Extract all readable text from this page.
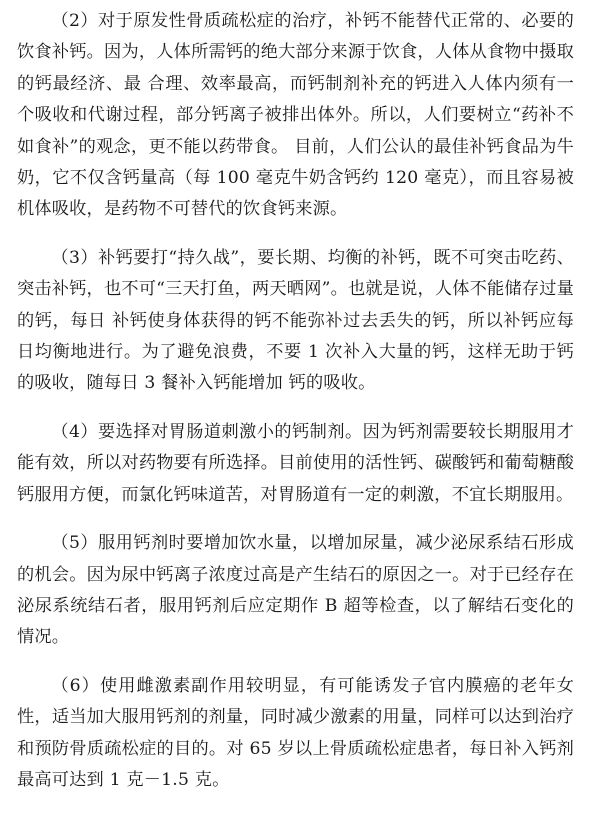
（2）对于原发性骨质疏松症的治疗，补钙不能替代正常的、必要的饮食补钙。因为，人体所需钙的绝大部分来源于饮食，人体从食物中摄取的钙最经济、最 合理、效率最高，而钙制剂补充的钙进入人体内须有一个吸收和代谢过程，部分钙离子被排出体外。所以，人们要树立“药补不如食补”的观念，更不能以药带食。 目前，人们公认的最佳补钙食品为牛奶，它不仅含钙量高（每 100 毫克牛奶含钙约 120 毫克），而且容易被机体吸收，是药物不可替代的饮食钙来源。

（3）补钙要打“持久战”，要长期、均衡的补钙，既不可突击吃药、突击补钙，也不可“三天打鱼，两天晒网”。也就是说，人体不能储存过量的钙，每日 补钙使身体获得的钙不能弥补过去丢失的钙，所以补钙应每日均衡地进行。为了避免浪费，不要 1 次补入大量的钙，这样无助于钙的吸收，随每日 3 餐补入钙能增加 钙的吸收。

（4）要选择对胃肠道刺激小的钙制剂。因为钙剂需要较长期服用才能有效，所以对药物要有所选择。目前使用的活性钙、碳酸钙和葡萄糖酸钙服用方便，而氯化钙味道苦，对胃肠道有一定的刺激，不宜长期服用。

（5）服用钙剂时要增加饮水量，以增加尿量，减少泌尿系结石形成的机会。因为尿中钙离子浓度过高是产生结石的原因之一。对于已经存在泌尿系统结石者，服用钙剂后应定期作 B 超等检查，以了解结石变化的情况。

（6）使用雌激素副作用较明显，有可能诱发子官内膜癌的老年女性，适当加大服用钙剂的剂量，同时减少激素的用量，同样可以达到治疗和预防骨质疏松症的目的。对 65 岁以上骨质疏松症患者，每日补入钙剂最高可达到 1 克－1.5 克。
